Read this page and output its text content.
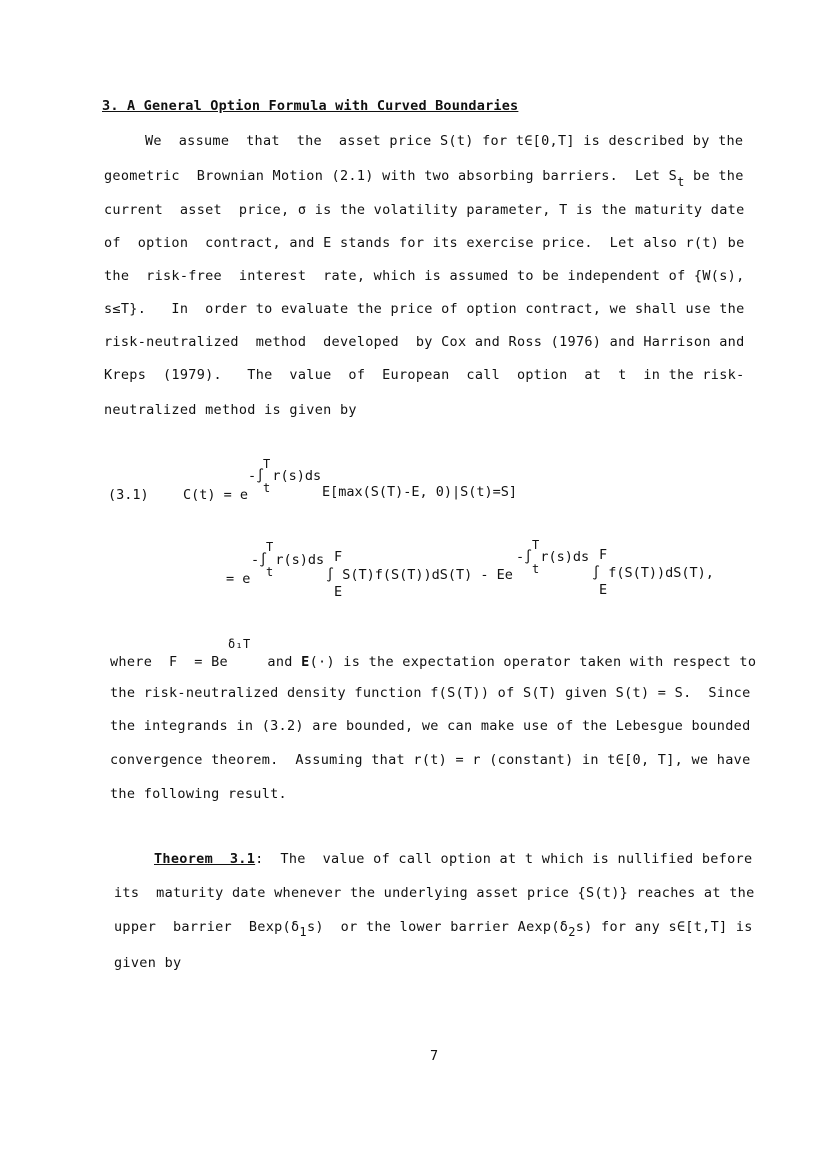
3. A General Option Formula with Curved Boundaries
We  assume  that  the  asset price S(t) for t∈[0,T] is described by the
geometric  Brownian Motion (2.1) with two absorbing barriers.  Let St be the
current  asset  price, σ is the volatility parameter, T is the maturity date
of  option  contract, and E stands for its exercise price.  Let also r(t) be
the  risk-free  interest  rate, which is assumed to be independent of {W(s),
s≤T}.   In  order to evaluate the price of option contract, we shall use the
risk-neutralized  method  developed  by Cox and Ross (1976) and Harrison and
Kreps  (1979).   The  value  of  European  call  option  at  t  in the risk-
neutralized method is given by
(3.1)	C(t) = e
T
-∫ r(s)ds
t	E[max(S(T)-E, 0)|S(t)=S]
= e
T
-∫ r(s)ds
t
F
∫ S(T)f(S(T))dS(T) - Ee
E
T
-∫ r(s)ds
t
F
∫ f(S(T))dS(T),
E
where  F  = Beδ₁T  and E(·) is the expectation operator taken with respect to
the risk-neutralized density function f(S(T)) of S(T) given S(t) = S.  Since
the integrands in (3.2) are bounded, we can make use of the Lebesgue bounded
convergence theorem.  Assuming that r(t) = r (constant) in t∈[0, T], we have
the following result.
Theorem  3.1:  The  value of call option at t which is nullified before
its  maturity date whenever the underlying asset price {S(t)} reaches at the
upper  barrier  Bexp(δ1s)  or the lower barrier Aexp(δ2s) for any s∈[t,T] is
given by
7
